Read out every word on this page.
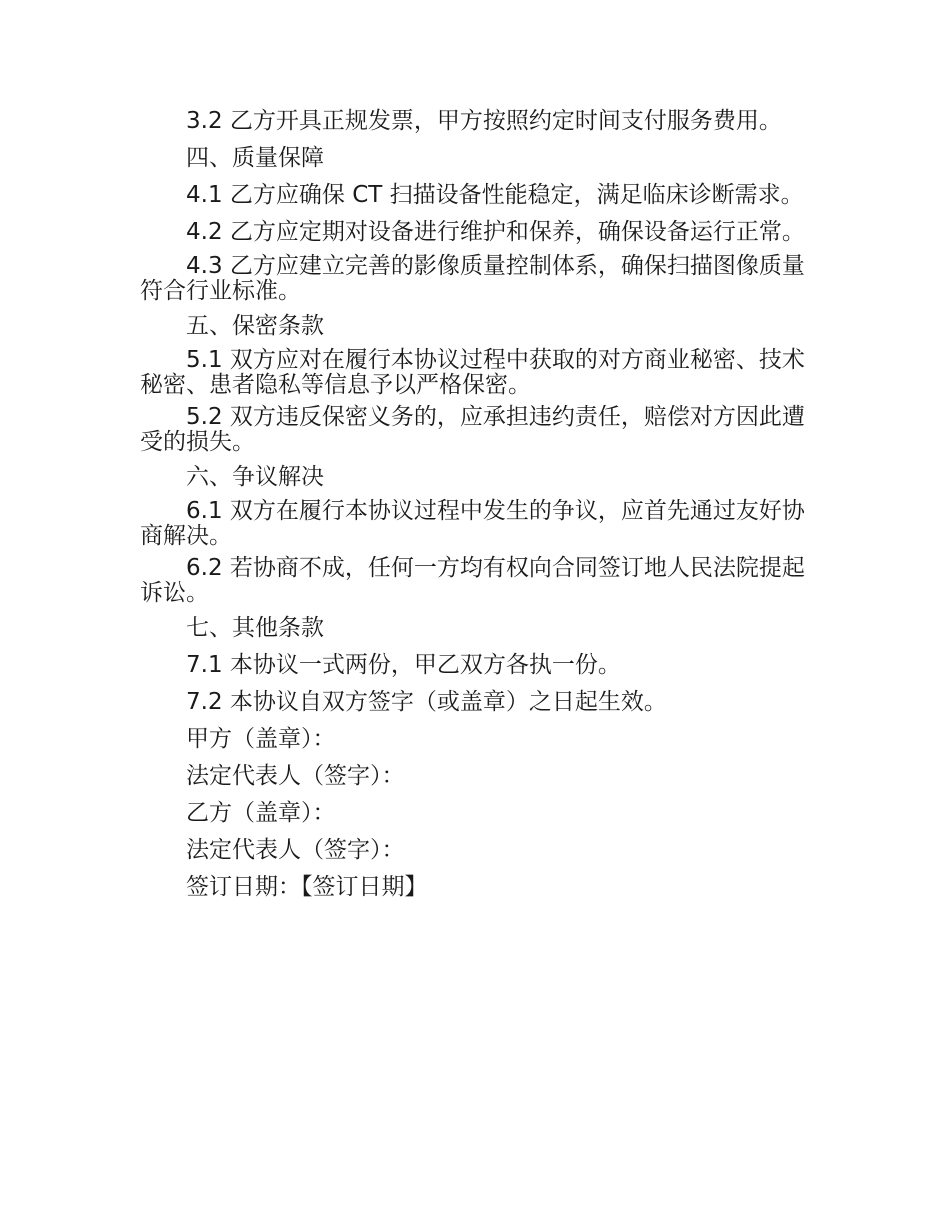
3.2 乙方开具正规发票，甲方按照约定时间支付服务费用。

四、质量保障

4.1 乙方应确保 CT 扫描设备性能稳定，满足临床诊断需求。

4.2 乙方应定期对设备进行维护和保养，确保设备运行正常。

4.3 乙方应建立完善的影像质量控制体系，确保扫描图像质量符合行业标准。

五、保密条款

5.1 双方应对在履行本协议过程中获取的对方商业秘密、技术秘密、患者隐私等信息予以严格保密。

5.2 双方违反保密义务的，应承担违约责任，赔偿对方因此遭受的损失。

六、争议解决

6.1 双方在履行本协议过程中发生的争议，应首先通过友好协商解决。

6.2 若协商不成，任何一方均有权向合同签订地人民法院提起诉讼。

七、其他条款

7.1 本协议一式两份，甲乙双方各执一份。

7.2 本协议自双方签字（或盖章）之日起生效。

甲方（盖章）：

法定代表人（签字）：

乙方（盖章）：

法定代表人（签字）：

签订日期：【签订日期】
